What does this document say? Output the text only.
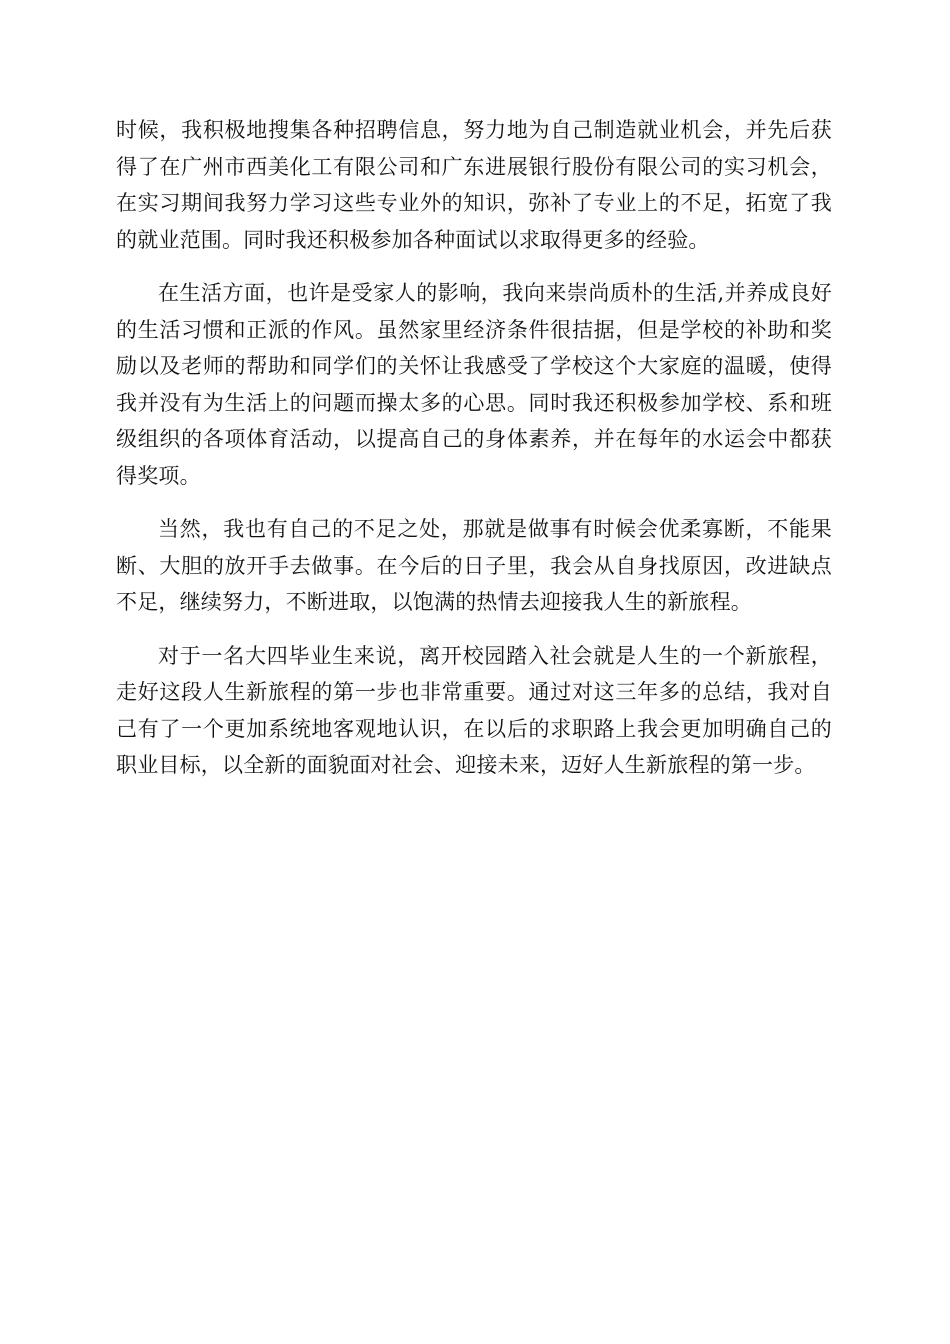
时候，我积极地搜集各种招聘信息，努力地为自己制造就业机会，并先后获得了在广州市西美化工有限公司和广东进展银行股份有限公司的实习机会，在实习期间我努力学习这些专业外的知识，弥补了专业上的不足，拓宽了我的就业范围。同时我还积极参加各种面试以求取得更多的经验。

在生活方面，也许是受家人的影响，我向来崇尚质朴的生活,并养成良好的生活习惯和正派的作风。虽然家里经济条件很拮据，但是学校的补助和奖励以及老师的帮助和同学们的关怀让我感受了学校这个大家庭的温暖，使得我并没有为生活上的问题而操太多的心思。同时我还积极参加学校、系和班级组织的各项体育活动，以提高自己的身体素养，并在每年的水运会中都获得奖项。

当然，我也有自己的不足之处，那就是做事有时候会优柔寡断，不能果断、大胆的放开手去做事。在今后的日子里，我会从自身找原因，改进缺点不足，继续努力，不断进取，以饱满的热情去迎接我人生的新旅程。

对于一名大四毕业生来说，离开校园踏入社会就是人生的一个新旅程，走好这段人生新旅程的第一步也非常重要。通过对这三年多的总结，我对自己有了一个更加系统地客观地认识，在以后的求职路上我会更加明确自己的职业目标，以全新的面貌面对社会、迎接未来，迈好人生新旅程的第一步。
